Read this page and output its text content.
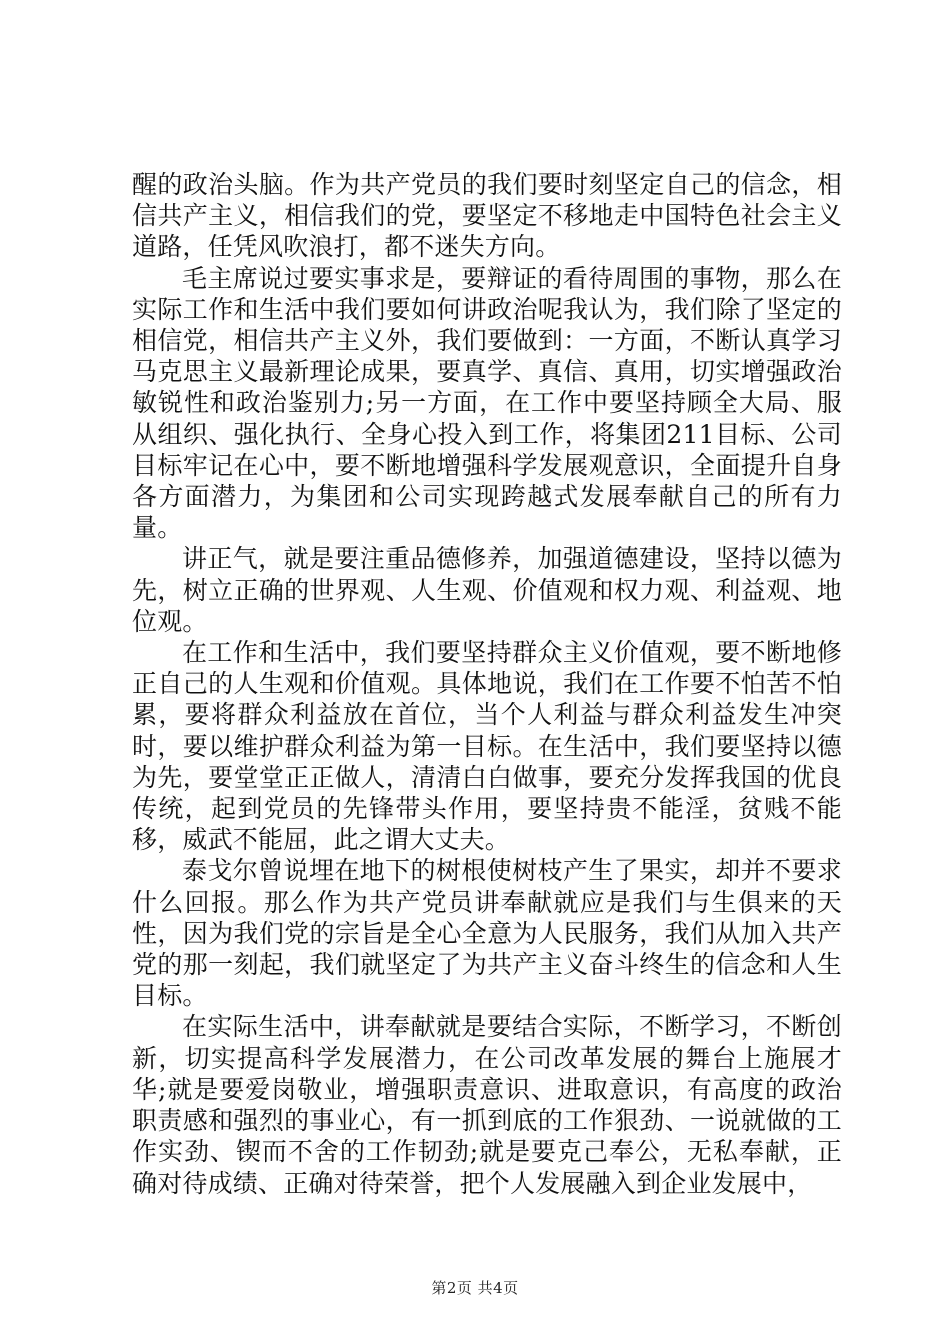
醒的政治头脑。作为共产党员的我们要时刻坚定自己的信念，相信共产主义，相信我们的党，要坚定不移地走中国特色社会主义道路，任凭风吹浪打，都不迷失方向。

毛主席说过要实事求是，要辩证的看待周围的事物，那么在实际工作和生活中我们要如何讲政治呢我认为，我们除了坚定的相信党，相信共产主义外，我们要做到：一方面，不断认真学习马克思主义最新理论成果，要真学、真信、真用，切实增强政治敏锐性和政治鉴别力;另一方面，在工作中要坚持顾全大局、服从组织、强化执行、全身心投入到工作，将集团211目标、公司目标牢记在心中，要不断地增强科学发展观意识，全面提升自身各方面潜力，为集团和公司实现跨越式发展奉献自己的所有力量。

讲正气，就是要注重品德修养，加强道德建设，坚持以德为先，树立正确的世界观、人生观、价值观和权力观、利益观、地位观。

在工作和生活中，我们要坚持群众主义价值观，要不断地修正自己的人生观和价值观。具体地说，我们在工作要不怕苦不怕累，要将群众利益放在首位，当个人利益与群众利益发生冲突时，要以维护群众利益为第一目标。在生活中，我们要坚持以德为先，要堂堂正正做人，清清白白做事，要充分发挥我国的优良传统，起到党员的先锋带头作用，要坚持贵不能淫，贫贱不能移，威武不能屈，此之谓大丈夫。

泰戈尔曾说埋在地下的树根使树枝产生了果实，却并不要求什么回报。那么作为共产党员讲奉献就应是我们与生俱来的天性，因为我们党的宗旨是全心全意为人民服务，我们从加入共产党的那一刻起，我们就坚定了为共产主义奋斗终生的信念和人生目标。

在实际生活中，讲奉献就是要结合实际，不断学习，不断创新，切实提高科学发展潜力，在公司改革发展的舞台上施展才华;就是要爱岗敬业，增强职责意识、进取意识，有高度的政治职责感和强烈的事业心，有一抓到底的工作狠劲、一说就做的工作实劲、锲而不舍的工作韧劲;就是要克己奉公，无私奉献，正确对待成绩、正确对待荣誉，把个人发展融入到企业发展中，

第2页 共4页
